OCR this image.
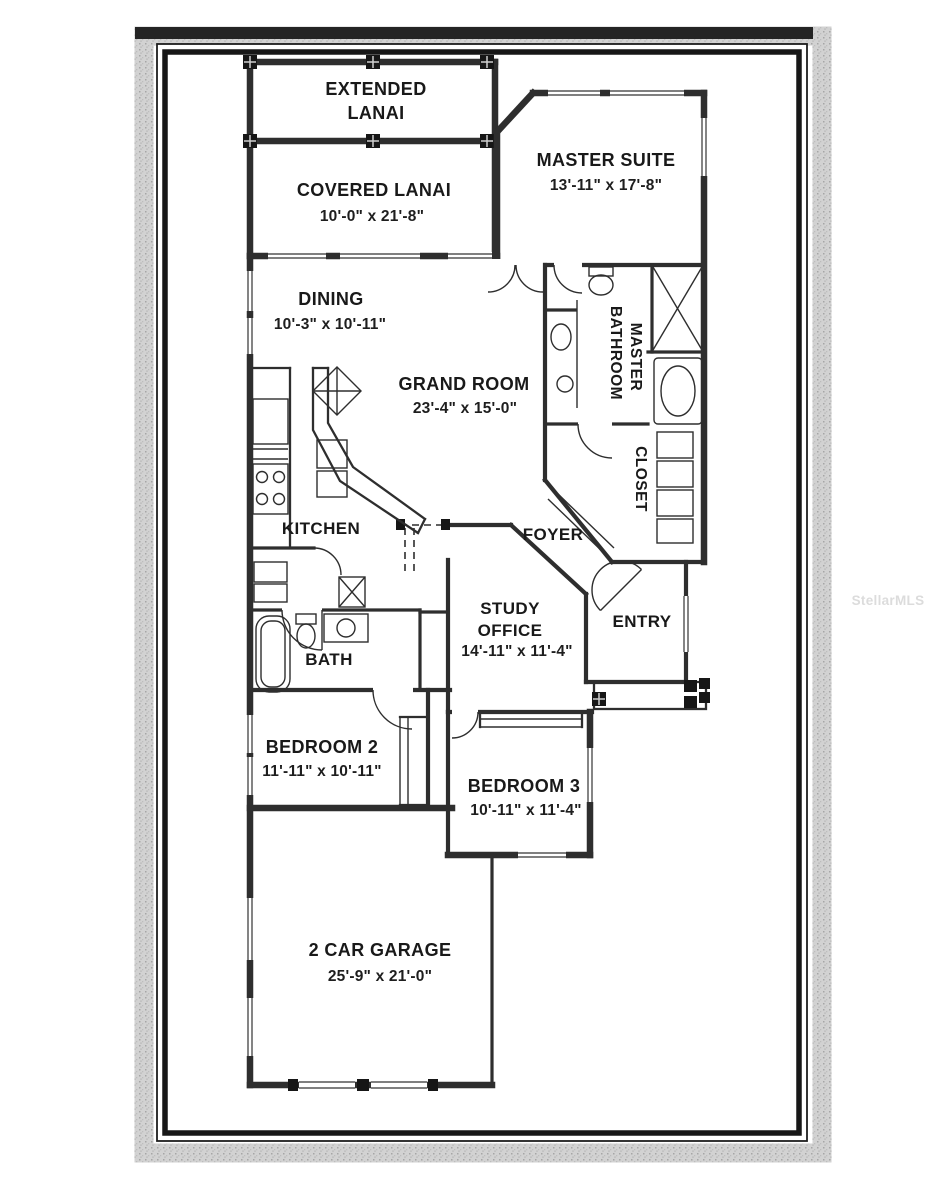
EXTENDED
LANAI
COVERED LANAI
10'-0" x 21'-8"
MASTER SUITE
13'-11" x 17'-8"
DINING
10'-3" x 10'-11"
GRAND ROOM
23'-4" x 15'-0"
MASTER
BATHROOM
KITCHEN	FOYER
CLOSET
STUDY
OFFICE
14'-11" x 11'-4"
ENTRY
BATH
BEDROOM 2
11'-11" x 10'-11"
BEDROOM 3
10'-11" x 11'-4"
2 CAR GARAGE
25'-9" x 21'-0"
StellarMLS
